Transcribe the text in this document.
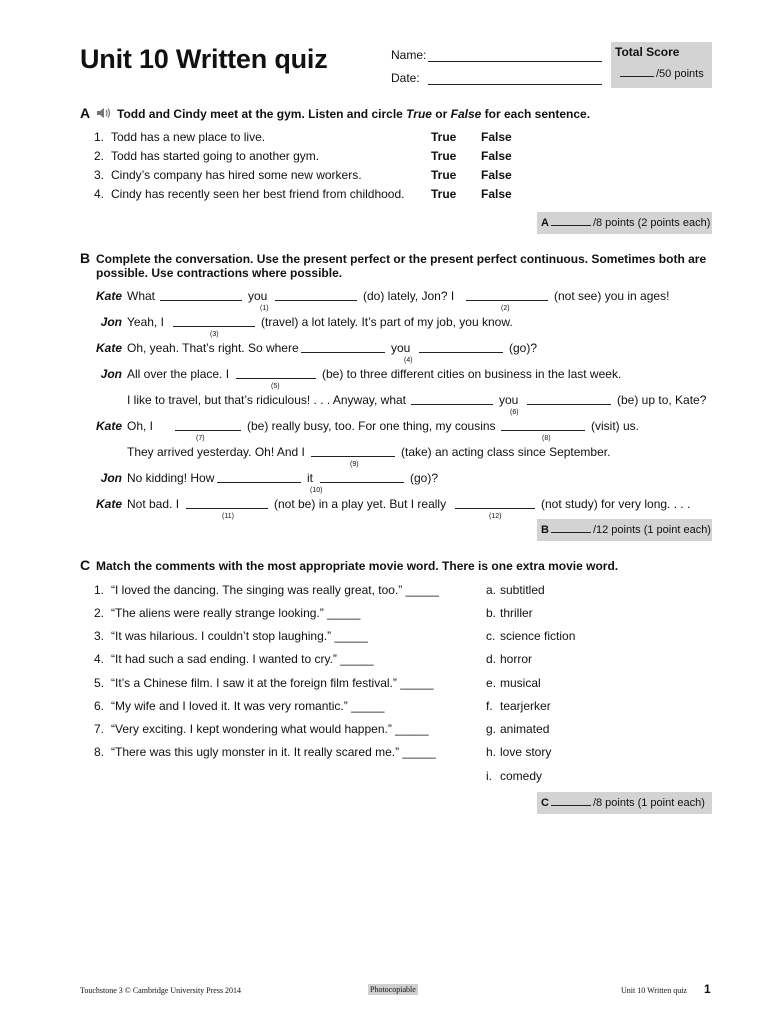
Unit 10 Written quiz	Name:
Date:
Total Score
/50 points
A Todd and Cindy meet at the gym. Listen and circle True or False for each sentence.
1. Todd has a new place to live.	True False
2. Todd has started going to another gym.	True False
3. Cindy’s company has hired some new workers.	True False
4. Cindy has recently seen her best friend from childhood. True False
A	/8 points (2 points each)
B Complete the conversation. Use the present perfect or the present perfect continuous. Sometimes both are
possible. Use contractions where possible.
Kate What	you	(do) lately, Jon? I	(not see) you in ages!
(1)	(2)
Jon Yeah, I	(travel) a lot lately. It’s part of my job, you know.
(3)
Kate Oh, yeah. That’s right. So where	you	(go)?
(4)
Jon All over the place. I	(be) to three different cities on business in the last week.
(5)
I like to travel, but that’s ridiculous! . . . Anyway, what	you	(be) up to, Kate?
(6)
Kate Oh, I	(be) really busy, too. For one thing, my cousins	(visit) us.
(7)	(8)
They arrived yesterday. Oh! And I	(take) an acting class since September.
(9)
Jon No kidding! How	it	(go)?
(10)
Kate Not bad. I	(not be) in a play yet. But I really	(not study) for very long. . . .
(11)	(12)
B	/12 points (1 point each)
C Match the comments with the most appropriate movie word. There is one extra movie word.
1. “I loved the dancing. The singing was really great, too.” _____
2. “The aliens were really strange looking.” _____
3. “It was hilarious. I couldn’t stop laughing.” _____
4. “It had such a sad ending. I wanted to cry.” _____
5. “It’s a Chinese film. I saw it at the foreign film festival.” _____
6. “My wife and I loved it. It was very romantic.” _____
7. “Very exciting. I kept wondering what would happen.” _____
8. “There was this ugly monster in it. It really scared me.” _____
a. subtitled
b. thriller
c. science fiction
d. horror
e. musical
f. tearjerker
g. animated
h. love story
i. comedy
C	/8 points (1 point each)
Touchstone 3 © Cambridge University Press 2014	Photocopiable	Unit 10 Written quiz 1
